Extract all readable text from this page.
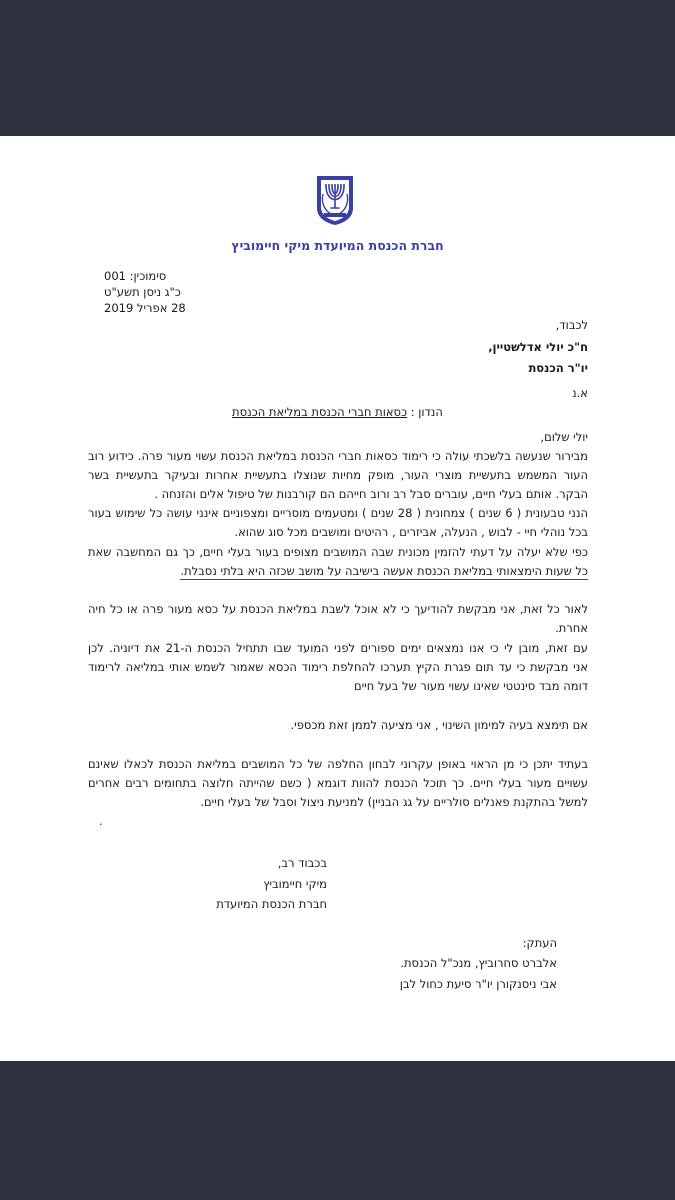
חברת הכנסת המיועדת מיקי חיימוביץ
סימוכין: 001
כ"ג ניסן תשע"ט
28 אפריל 2019
לכבוד,
ח"כ יולי אדלשטיין,
יו"ר הכנסת
א.נ
הנדון : כסאות חברי הכנסת במליאת הכנסת
יולי שלום,
מבירור שנעשה בלשכתי עולה כי רימוד כסאות חברי הכנסת במליאת הכנסת עשוי מעור פרה. כידוע רוב
העור המשמש בתעשיית מוצרי העור, מופק מחיות שנוצלו בתעשיית אחרות ובעיקר בתעשיית בשר
הבקר. אותם בעלי חיים, עוברים סבל רב ורוב חייהם הם קורבנות של טיפול אלים והזנחה .
הנני טבעונית ( 6 שנים ) צמחונית ( 28 שנים ) ומטעמים מוסריים ומצפוניים אינני עושה כל שימוש בעור
בכל נוהלי חיי - לבוש , הנעלה, אביזרים , רהיטים ומושבים מכל סוג שהוא.
כפי שלא יעלה על דעתי להזמין מכונית שבה המושבים מצופים בעור בעלי חיים, כך גם המחשבה שאת
כל שעות הימצאותי במליאת הכנסת אעשה בישיבה על מושב שכזה היא בלתי נסבלת.
לאור כל זאת, אני מבקשת להודיעך כי לא אוכל לשבת במליאת הכנסת על כסא מעור פרה או כל חיה
אחרת.
עם זאת, מובן לי כי אנו נמצאים ימים ספורים לפני המועד שבו תתחיל הכנסת ה-21 את דיוניה. לכן
אני מבקשת כי עד תום פגרת הקיץ תערכו להחלפת רימוד הכסא שאמור לשמש אותי במליאה לרימוד
דומה מבד סינטטי שאינו עשוי מעור של בעל חיים
אם תימצא בעיה למימון השינוי , אני מציעה לממן זאת מכספי.
בעתיד יתכן כי מן הראוי באופן עקרוני לבחון החלפה של כל המושבים במליאת הכנסת לכאלו שאינם
עשויים מעור בעלי חיים. כך תוכל הכנסת להוות דוגמא ( כשם שהייתה חלוצה בתחומים רבים אחרים
למשל בהתקנת פאנלים סולריים על גג הבניין) למניעת ניצול וסבל של בעלי חיים.
.
בכבוד רב,
מיקי חיימוביץ
חברת הכנסת המיועדת
העתק:
אלברט סחרוביץ, מנכ"ל הכנסת.
אבי ניסנקורן יו"ר סיעת כחול לבן
